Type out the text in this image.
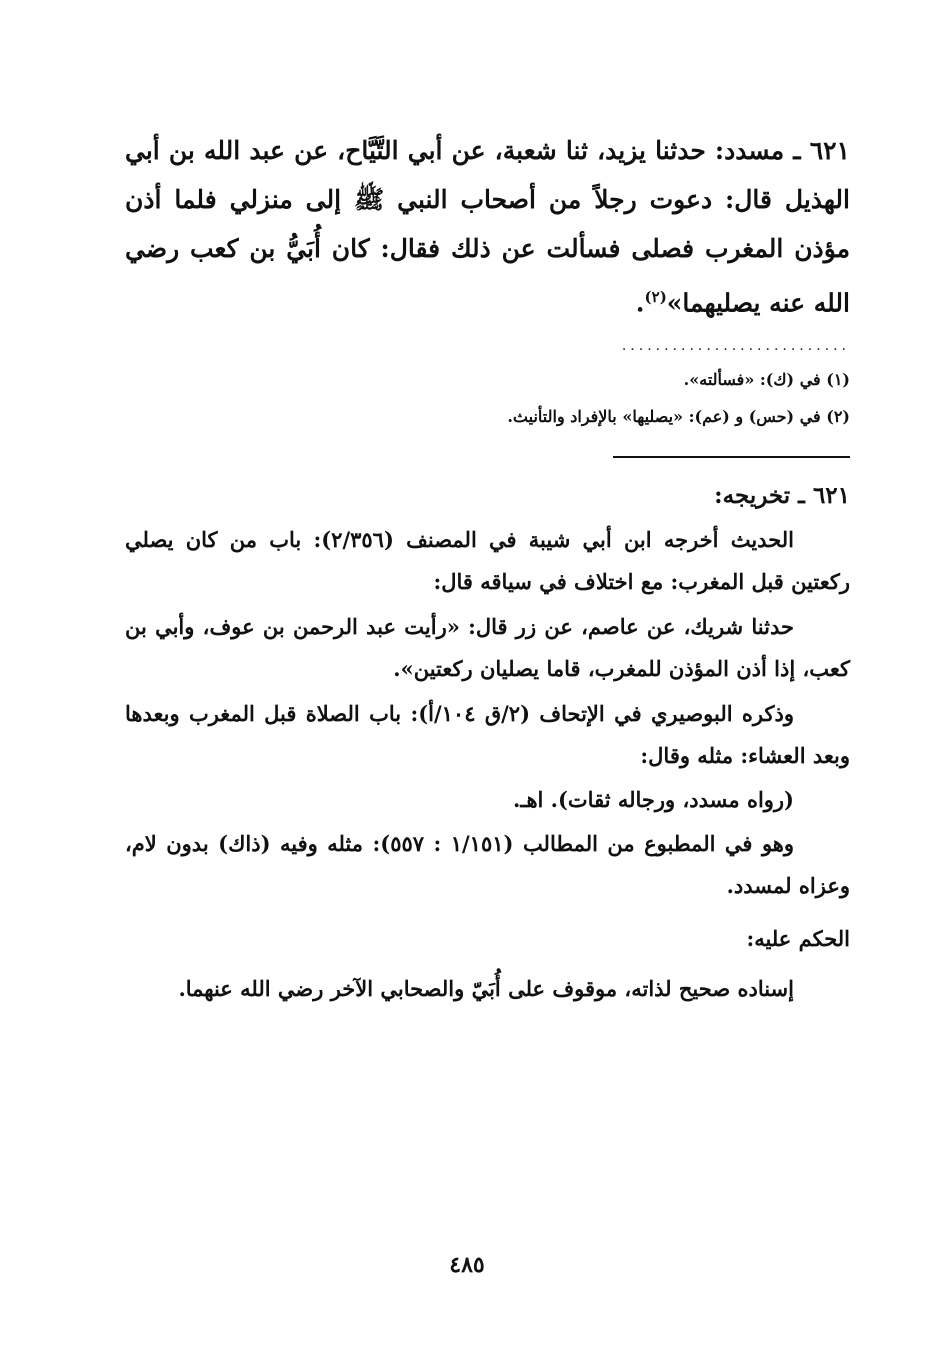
٦٢١ ـ مسدد: حدثنا يزيد، ثنا شعبة، عن أبي التَّيَّاح، عن عبد الله بن أبي الهذيل قال: دعوت رجلاً من أصحاب النبي ﷺ إلى منزلي فلما أذن مؤذن المغرب فصلى فسألت عن ذلك فقال: كان أُبَيُّ بن كعب رضي الله عنه يصليهما»$^{(٢)}$.
...........................
(١) في (ك): «فسألته».
(٢) في (حس) و (عم): «يصليها» بالإفراد والتأنيث.
٦٢١ ـ تخريجه:
الحديث أخرجه ابن أبي شيبة في المصنف (٢/٣٥٦): باب من كان يصلي ركعتين قبل المغرب: مع اختلاف في سياقه قال:
حدثنا شريك، عن عاصم، عن زر قال: «رأيت عبد الرحمن بن عوف، وأبي بن كعب، إذا أذن المؤذن للمغرب، قاما يصليان ركعتين».
وذكره البوصيري في الإتحاف (٢/ق ١٠٤/أ): باب الصلاة قبل المغرب وبعدها وبعد العشاء: مثله وقال:
(رواه مسدد، ورجاله ثقات). اهـ.
وهو في المطبوع من المطالب (١/١٥١ : ٥٥٧): مثله وفيه (ذاك) بدون لام، وعزاه لمسدد.
الحكم عليه:
إسناده صحيح لذاته، موقوف على أُبَيّ والصحابي الآخر رضي الله عنهما.
٤٨٥
